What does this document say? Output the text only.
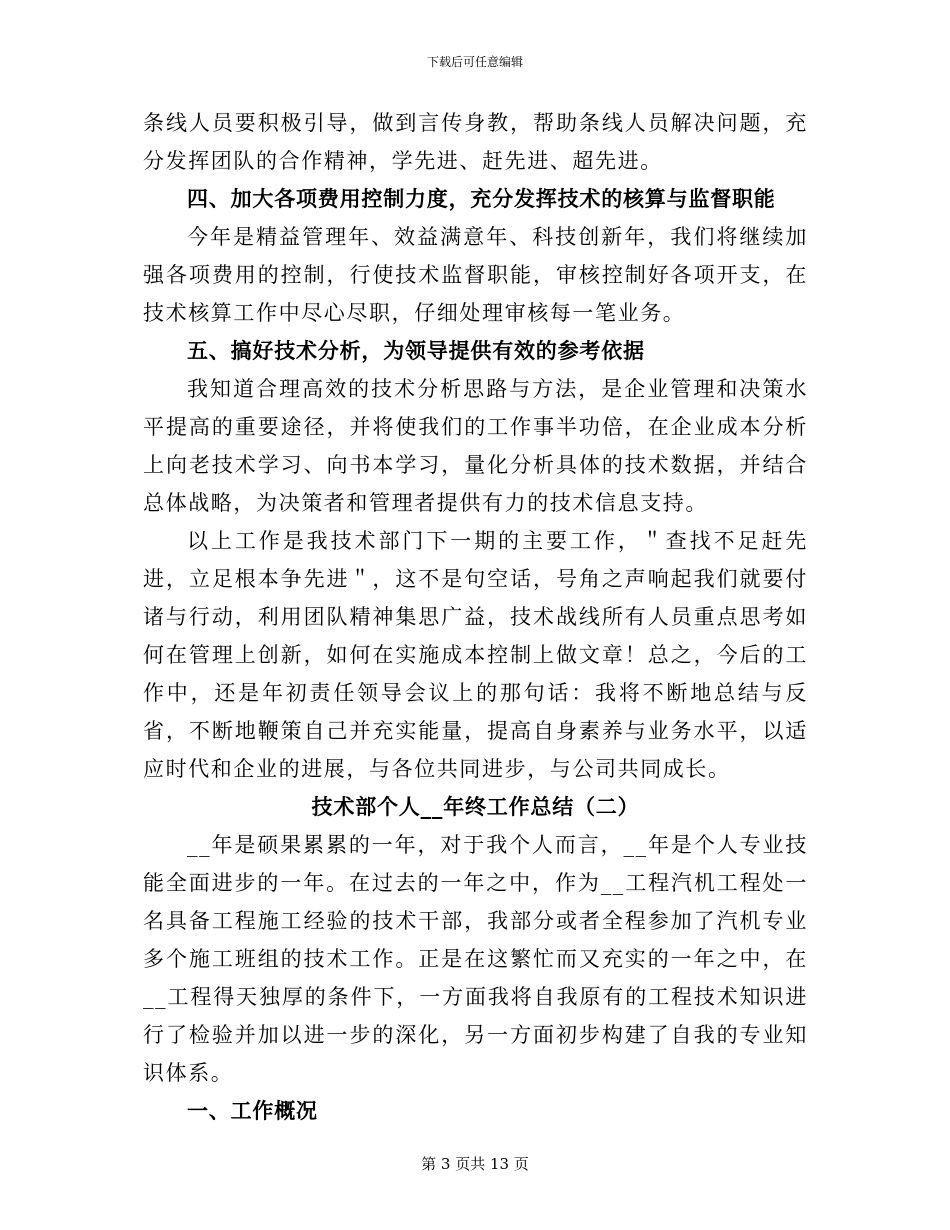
下载后可任意编辑

条线人员要积极引导，做到言传身教，帮助条线人员解决问题，充分发挥团队的合作精神，学先进、赶先进、超先进。

四、加大各项费用控制力度，充分发挥技术的核算与监督职能

今年是精益管理年、效益满意年、科技创新年，我们将继续加强各项费用的控制，行使技术监督职能，审核控制好各项开支，在技术核算工作中尽心尽职，仔细处理审核每一笔业务。

五、搞好技术分析，为领导提供有效的参考依据

我知道合理高效的技术分析思路与方法，是企业管理和决策水平提高的重要途径，并将使我们的工作事半功倍，在企业成本分析上向老技术学习、向书本学习，量化分析具体的技术数据，并结合总体战略，为决策者和管理者提供有力的技术信息支持。

以上工作是我技术部门下一期的主要工作，＂查找不足赶先进，立足根本争先进＂，这不是句空话，号角之声响起我们就要付诸与行动，利用团队精神集思广益，技术战线所有人员重点思考如何在管理上创新，如何在实施成本控制上做文章！总之，今后的工作中，还是年初责任领导会议上的那句话：我将不断地总结与反省，不断地鞭策自己并充实能量，提高自身素养与业务水平，以适应时代和企业的进展，与各位共同进步，与公司共同成长。

技术部个人__年终工作总结（二）

__年是硕果累累的一年，对于我个人而言，__年是个人专业技能全面进步的一年。在过去的一年之中，作为__工程汽机工程处一名具备工程施工经验的技术干部，我部分或者全程参加了汽机专业多个施工班组的技术工作。正是在这繁忙而又充实的一年之中，在__工程得天独厚的条件下，一方面我将自我原有的工程技术知识进行了检验并加以进一步的深化，另一方面初步构建了自我的专业知识体系。

一、工作概况

第 3 页共 13 页
